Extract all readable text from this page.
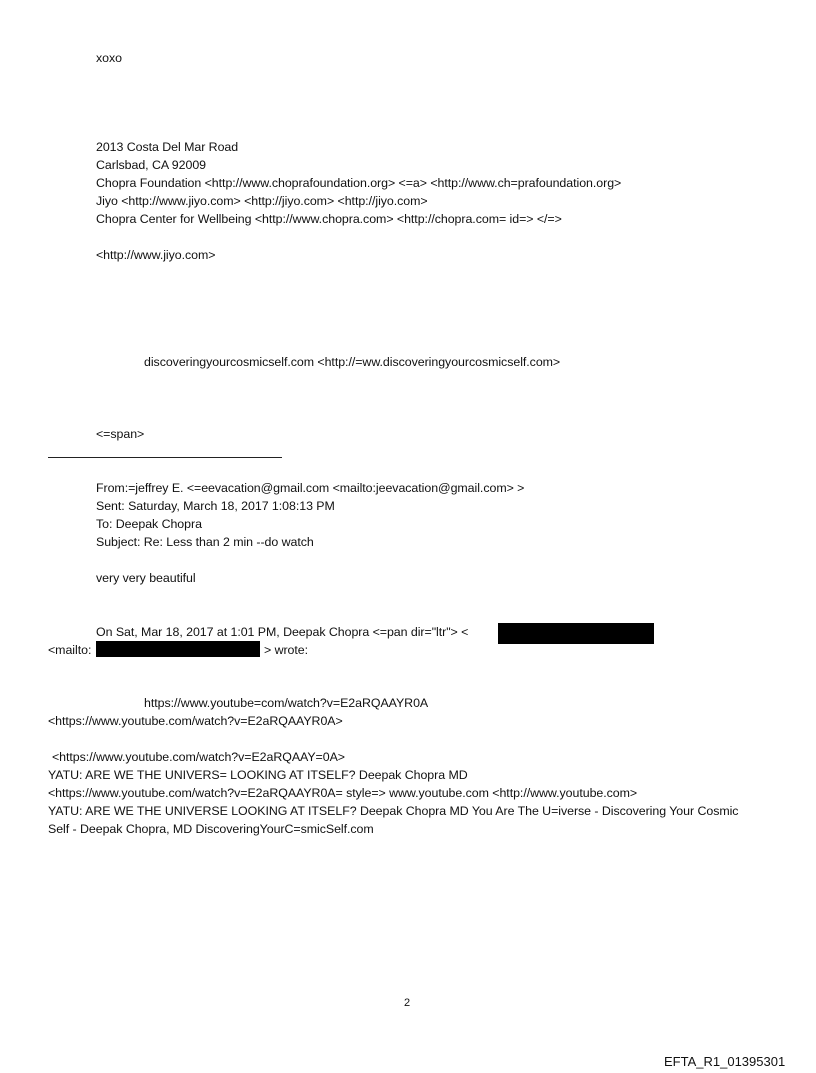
xoxo
2013 Costa Del Mar Road
Carlsbad, CA 92009
Chopra Foundation <http://www.choprafoundation.org> <=a> <http://www.ch=prafoundation.org>
Jiyo <http://www.jiyo.com> <http://jiyo.com> <http://jiyo.com>
Chopra Center for Wellbeing <http://www.chopra.com> <http://chopra.com= id=> </=>
<http://www.jiyo.com>
discoveringyourcosmicself.com <http://=ww.discoveringyourcosmicself.com>
<=span>
From:=jeffrey E. <=eevacation@gmail.com <mailto:jeevacation@gmail.com> >
Sent: Saturday, March 18, 2017 1:08:13 PM
To: Deepak Chopra
Subject: Re: Less than 2 min --do watch
very very beautiful
On Sat, Mar 18, 2017 at 1:01 PM, Deepak Chopra <=pan dir="ltr"> <
<mailto:	> wrote:
https://www.youtube=com/watch?v=E2aRQAAYR0A
<https://www.youtube.com/watch?v=E2aRQAAYR0A>
<https://www.youtube.com/watch?v=E2aRQAAY=0A>
YATU: ARE WE THE UNIVERS= LOOKING AT ITSELF? Deepak Chopra MD
<https://www.youtube.com/watch?v=E2aRQAAYR0A= style=> www.youtube.com <http://www.youtube.com>
YATU: ARE WE THE UNIVERSE LOOKING AT ITSELF? Deepak Chopra MD You Are The U=iverse - Discovering Your Cosmic
Self - Deepak Chopra, MD DiscoveringYourC=smicSelf.com
2
EFTA_R1_01395301
